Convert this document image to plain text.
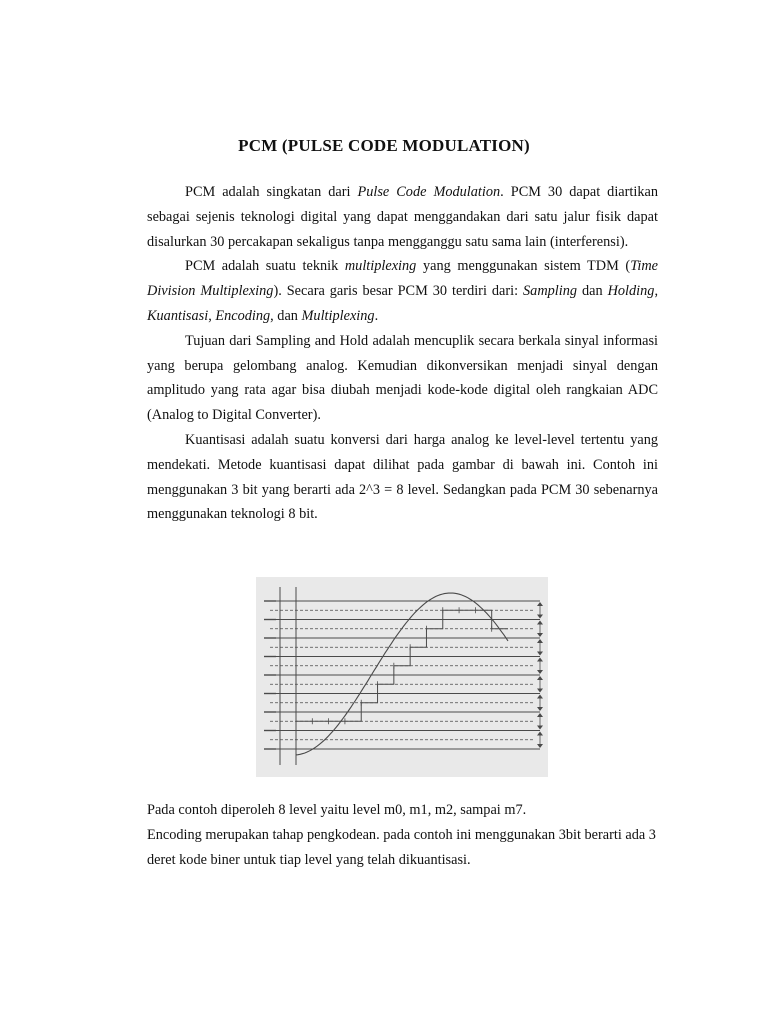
PCM (PULSE CODE MODULATION)

PCM adalah singkatan dari Pulse Code Modulation. PCM 30 dapat diartikan sebagai sejenis teknologi digital yang dapat menggandakan dari satu jalur fisik dapat disalurkan 30 percakapan sekaligus tanpa mengganggu satu sama lain (interferensi).

PCM adalah suatu teknik multiplexing yang menggunakan sistem TDM (Time Division Multiplexing). Secara garis besar PCM 30 terdiri dari: Sampling dan Holding, Kuantisasi, Encoding, dan Multiplexing.

Tujuan dari Sampling and Hold adalah mencuplik secara berkala sinyal informasi yang berupa gelombang analog. Kemudian dikonversikan menjadi sinyal dengan amplitudo yang rata agar bisa diubah menjadi kode-kode digital oleh rangkaian ADC (Analog to Digital Converter).

Kuantisasi adalah suatu konversi dari harga analog ke level-level tertentu yang mendekati. Metode kuantisasi dapat dilihat pada gambar di bawah ini. Contoh ini menggunakan 3 bit yang berarti ada 2^3 = 8 level. Sedangkan pada PCM 30 sebenarnya menggunakan teknologi 8 bit.

Pada contoh diperoleh 8 level yaitu level m0, m1, m2, sampai m7.

Encoding merupakan tahap pengkodean. pada contoh ini menggunakan 3bit berarti ada 3 deret kode biner untuk tiap level yang telah dikuantisasi.
